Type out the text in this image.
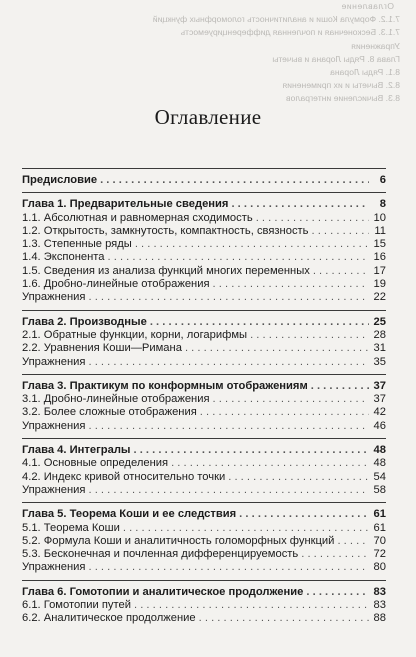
Оглавление
7.1.2. Формула Коши и аналитичность голоморфных функций
7.1.3. Бесконечная и почленная дифференцируемость
Упражнения
Глава 8. Ряды Лорана и вычеты
8.1. Ряды Лорана
8.2. Вычеты и их применения
8.3. Вычисление интегралов
Оглавление
Предисловие . . .	6
Глава 1. Предварительные сведения . . .	8
1.1. Абсолютная и равномерная сходимость . . .	10
1.2. Открытость, замкнутость, компактность, связность . . .	11
1.3. Степенные ряды . . .	15
1.4. Экспонента . . .	16
1.5. Сведения из анализа функций многих переменных . . .	17
1.6. Дробно-линейные отображения . . .	19
Упражнения . . .	22
Глава 2. Производные . . .	25
2.1. Обратные функции, корни, логарифмы . . .	28
2.2. Уравнения Коши—Римана . . .	31
Упражнения . . .	35
Глава 3. Практикум по конформным отображениям . . .	37
3.1. Дробно-линейные отображения . . .	37
3.2. Более сложные отображения . . .	42
Упражнения . . .	46
Глава 4. Интегралы . . .	48
4.1. Основные определения . . .	48
4.2. Индекс кривой относительно точки . . .	54
Упражнения . . .	58
Глава 5. Теорема Коши и ее следствия . . .	61
5.1. Теорема Коши . . .	61
5.2. Формула Коши и аналитичность голоморфных функций . . .	70
5.3. Бесконечная и почленная дифференцируемость . . .	72
Упражнения . . .	80
Глава 6. Гомотопии и аналитическое продолжение . . .	83
6.1. Гомотопии путей . . .	83
6.2. Аналитическое продолжение . . .	88
